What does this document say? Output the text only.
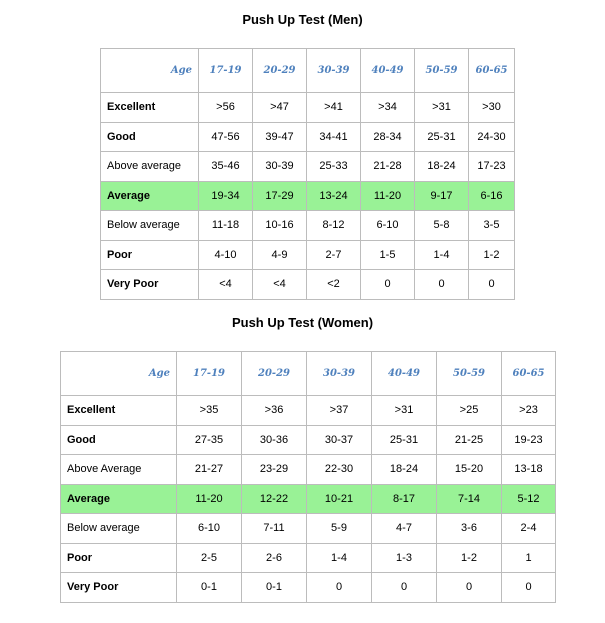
Push Up Test (Men)
Age	17-19	20-29	30-39	40-49	50-59	60-65
Excellent	>56	>47	>41	>34	>31	>30
Good	47-56	39-47	34-41	28-34	25-31	24-30
Above average	35-46	30-39	25-33	21-28	18-24	17-23
Average	19-34	17-29	13-24	11-20	9-17	6-16
Below average	11-18	10-16	8-12	6-10	5-8	3-5
Poor	4-10	4-9	2-7	1-5	1-4	1-2
Very Poor	<4	<4	<2	0	0	0
Push Up Test (Women)
Age	17-19	20-29	30-39	40-49	50-59	60-65
Excellent	>35	>36	>37	>31	>25	>23
Good	27-35	30-36	30-37	25-31	21-25	19-23
Above Average	21-27	23-29	22-30	18-24	15-20	13-18
Average	11-20	12-22	10-21	8-17	7-14	5-12
Below average	6-10	7-11	5-9	4-7	3-6	2-4
Poor	2-5	2-6	1-4	1-3	1-2	1
Very Poor	0-1	0-1	0	0	0	0
